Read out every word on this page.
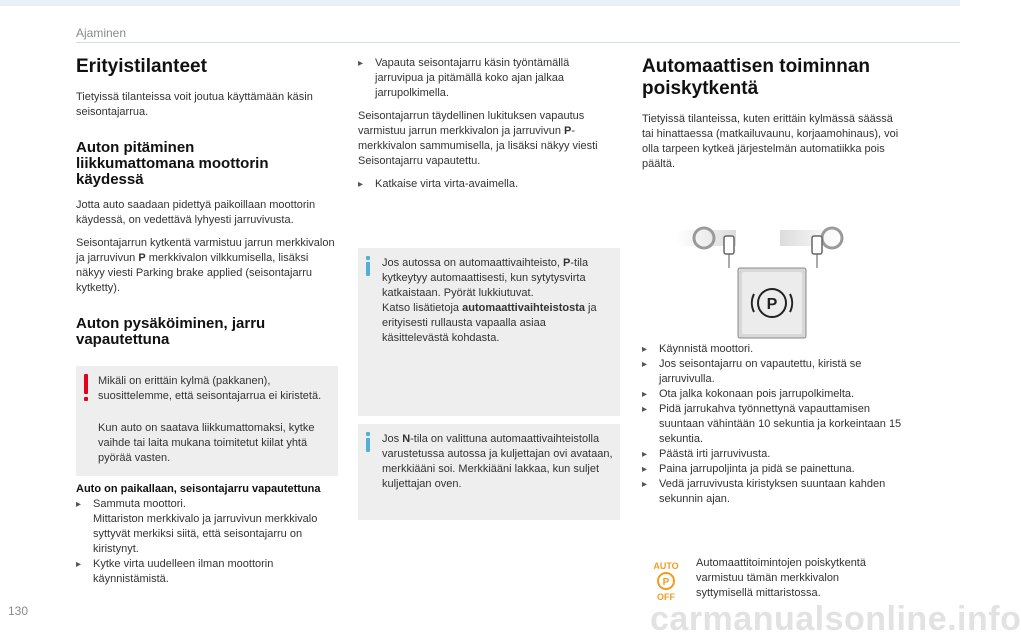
Ajaminen
Erityistilanteet

Tietyissä tilanteissa voit joutua käyttämään käsin seisontajarrua.

Auton pitäminen
liikkumattomana moottorin
käydessä

Jotta auto saadaan pidettyä paikoillaan moottorin käydessä, on vedettävä lyhyesti jarruvivusta.

Seisontajarrun kytkentä varmistuu jarrun merkkivalon ja jarruvivun P merkkivalon vilkkumisella, lisäksi näkyy viesti Parking brake applied (seisontajarru kytketty).

Auton pysäköiminen, jarru
vapautettuna

Mikäli on erittäin kylmä (pakkanen), suosittelemme, että seisontajarrua ei kiristetä.

Kun auto on saatava liikkumattomaksi, kytke vaihde tai laita mukana toimitetut kiilat yhtä pyörää vasten.

Auto on paikallaan, seisontajarru vapautettuna

▸ Sammuta moottori.
Mittariston merkkivalo ja jarruvivun merkkivalo syttyvät merkiksi siitä, että seisontajarru on kiristynyt.
▸ Kytke virta uudelleen ilman moottorin käynnistämistä.
▸ Vapauta seisontajarru käsin työntämällä jarruvipua ja pitämällä koko ajan jalkaa jarrupolkimella.

Seisontajarrun täydellinen lukituksen vapautus varmistuu jarrun merkkivalon ja jarruvivun P-merkkivalon sammumisella, ja lisäksi näkyy viesti Seisontajarru vapautettu.

▸ Katkaise virta virta-avaimella.

Jos autossa on automaattivaihteisto, P-tila kytkeytyy automaattisesti, kun sytytysvirta katkaistaan. Pyörät lukkiutuvat.
Katso lisätietoja automaattivaihteistosta ja erityisesti rullausta vapaalla asiaa käsittelevästä kohdasta.

Jos N-tila on valittuna automaattivaihteistolla varustetussa autossa ja kuljettajan ovi avataan, merkkiääni soi. Merkkiääni lakkaa, kun suljet kuljettajan oven.

Automaattisen toiminnan
poiskytkentä

Tietyissä tilanteissa, kuten erittäin kylmässä säässä tai hinattaessa (matkailuvaunu, korjaamohinaus), voi olla tarpeen kytkeä järjestelmän automatiikka pois päältä.

P
▸ Käynnistä moottori.
▸ Jos seisontajarru on vapautettu, kiristä se jarruvivulla.
▸ Ota jalka kokonaan pois jarrupolkimelta.
▸ Pidä jarrukahva työnnettynä vapauttamisen suuntaan vähintään 10 sekuntia ja korkeintaan 15 sekuntia.
▸ Päästä irti jarruvivusta.
▸ Paina jarrupoljinta ja pidä se painettuna.
▸ Vedä jarruvivusta kiristyksen suuntaan kahden sekunnin ajan.
AUTO
P
OFF

Automaattitoimintojen poiskytkentä varmistuu tämän merkkivalon syttymisellä mittaristossa.

130	carmanualsonline.info
